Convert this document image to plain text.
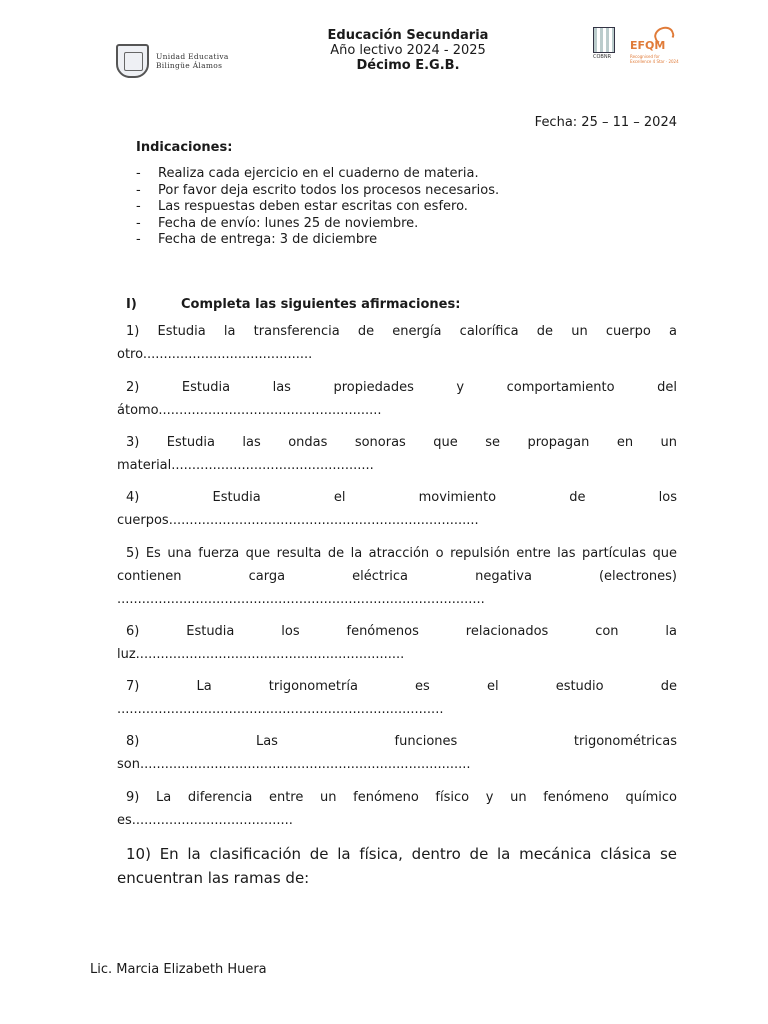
Unidad Educativa
Bilingüe Álamos
Educación Secundaria
Año lectivo 2024 - 2025
Décimo E.G.B.
COBNR
EFQM
Recognised for Excellence 4 Star · 2024
Fecha: 25 – 11 – 2024
Indicaciones:
- Realiza cada ejercicio en el cuaderno de materia.
- Por favor deja escrito todos los procesos necesarios.
- Las respuestas deben estar escritas con esfero.
- Fecha de envío: lunes 25 de noviembre.
- Fecha de entrega: 3 de diciembre
I)	Completa las siguientes afirmaciones:
1) Estudia la transferencia de energía calorífica de un cuerpo a otro.........................................
2)	Estudia las propiedades y comportamiento del átomo......................................................
3) Estudia las ondas sonoras que se propagan en un material.................................................
4)	Estudia el movimiento de los cuerpos...........................................................................
5) Es una fuerza que resulta de la atracción o repulsión entre las partículas que contienen carga eléctrica negativa (electrones) .........................................................................................
6)	Estudia los fenómenos relacionados con la luz.................................................................
7)	La trigonometría es el estudio de ...............................................................................
8)	Las funciones trigonométricas son................................................................................
9) La diferencia entre un fenómeno físico y un fenómeno químico es.......................................
10) En la clasificación de la física, dentro de la mecánica clásica se encuentran las ramas de:
Lic. Marcia Elizabeth Huera
